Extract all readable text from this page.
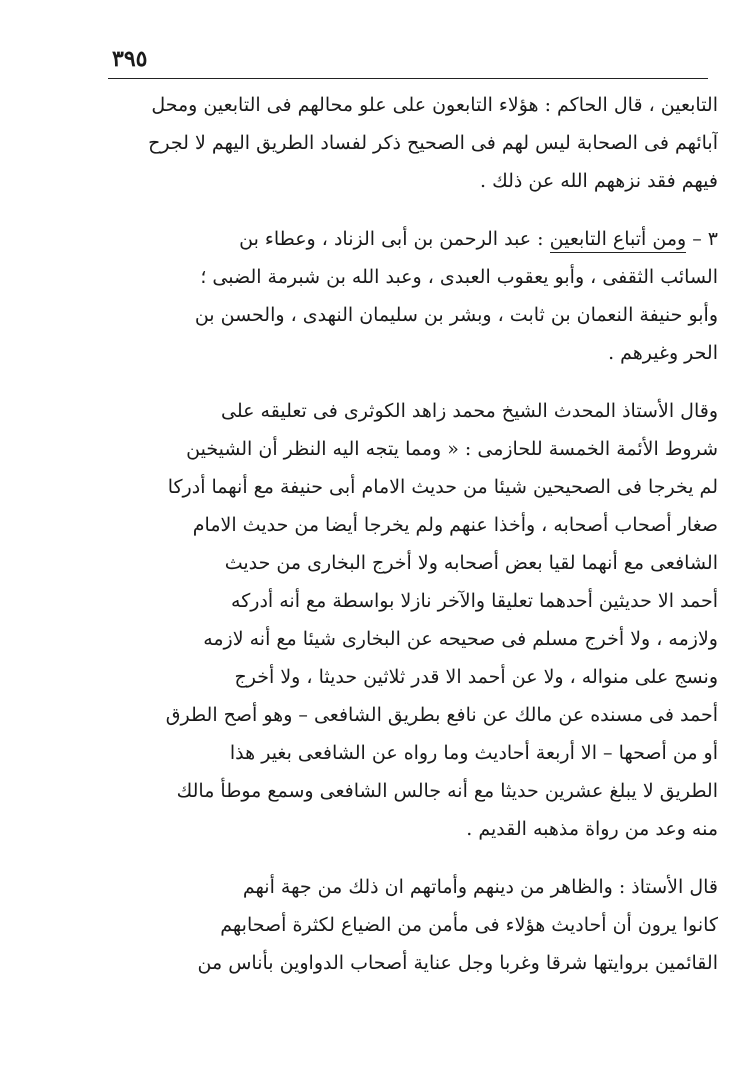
٣٩٥
التابعين ، قال الحاكم : هؤلاء التابعون على علو محالهم فى التابعين ومحل
آبائهم فى الصحابة ليس لهم فى الصحيح ذكر لفساد الطريق اليهم لا لجرح
فيهم فقد نزههم الله عن ذلك .
٣ – ومن أتباع التابعين : عبد الرحمن بن أبى الزناد ، وعطاء بن
السائب الثقفى ، وأبو يعقوب العبدى ، وعبد الله بن شبرمة الضبى ؛
وأبو حنيفة النعمان بن ثابت ، وبشر بن سليمان النهدى ، والحسن بن
الحر وغيرهم .
وقال الأستاذ المحدث الشيخ محمد زاهد الكوثرى فى تعليقه على
شروط الأئمة الخمسة للحازمى : « ومما يتجه اليه النظر أن الشيخين
لم يخرجا فى الصحيحين شيئا من حديث الامام أبى حنيفة مع أنهما أدركا
صغار أصحاب أصحابه ، وأخذا عنهم ولم يخرجا أيضا من حديث الامام
الشافعى مع أنهما لقيا بعض أصحابه ولا أخرج البخارى من حديث
أحمد الا حديثين أحدهما تعليقا والآخر نازلا بواسطة مع أنه أدركه
ولازمه ، ولا أخرج مسلم فى صحيحه عن البخارى شيئا مع أنه لازمه
ونسج على منواله ، ولا عن أحمد الا قدر ثلاثين حديثا ، ولا أخرج
أحمد فى مسنده عن مالك عن نافع بطريق الشافعى – وهو أصح الطرق
أو من أصحها – الا أربعة أحاديث وما رواه عن الشافعى بغير هذا
الطريق لا يبلغ عشرين حديثا مع أنه جالس الشافعى وسمع موطأ مالك
منه وعد من رواة مذهبه القديم .
قال الأستاذ : والظاهر من دينهم وأماتهم ان ذلك من جهة أنهم
كانوا يرون أن أحاديث هؤلاء فى مأمن من الضياع لكثرة أصحابهم
القائمين بروايتها شرقا وغربا وجل عناية أصحاب الدواوين بأناس من
